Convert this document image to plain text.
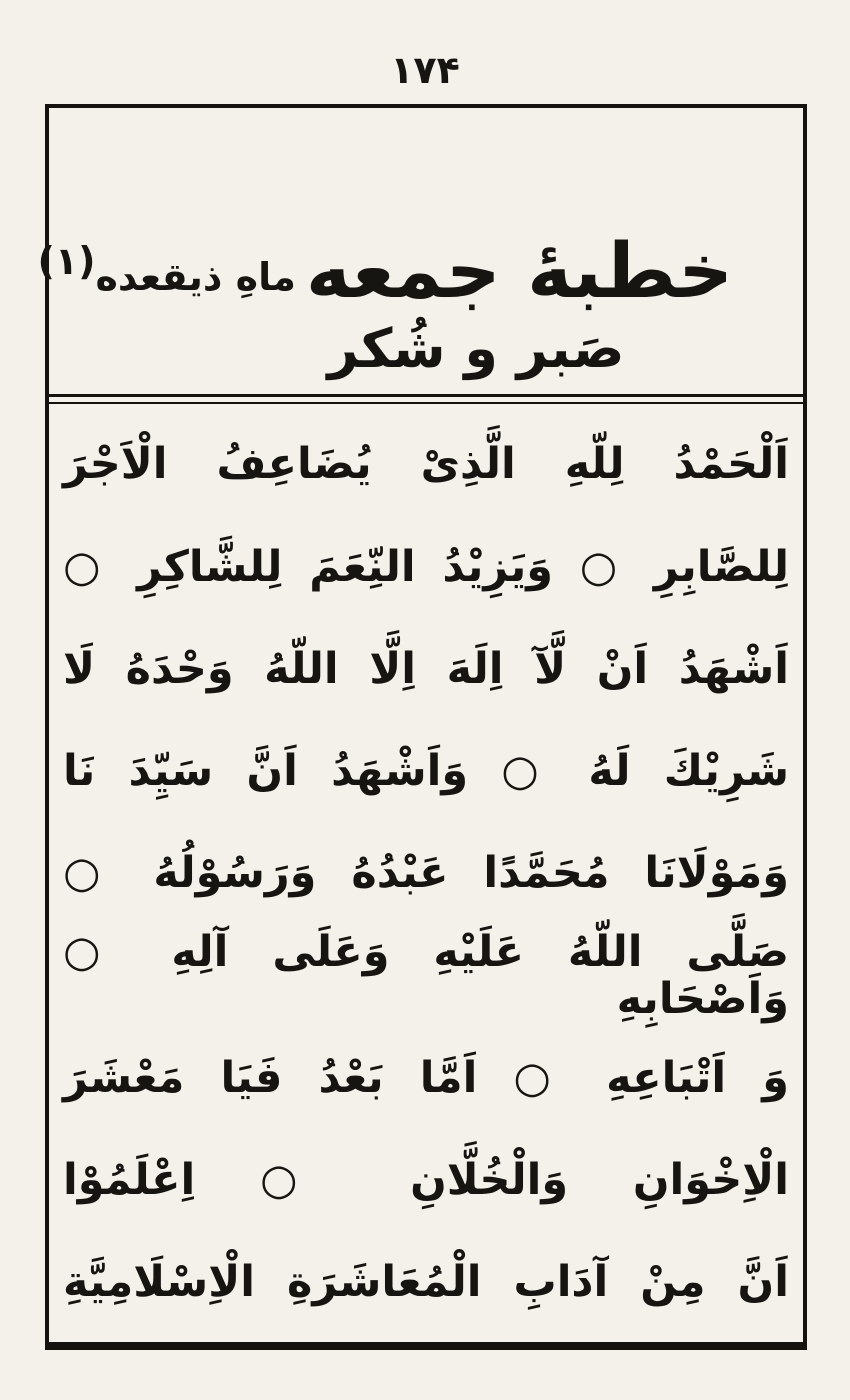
۱۷۴
خطبهٔ جمعه
ماهِ ذیقعده
(۱)
صَبر و شُكر
اَلْحَمْدُ لِلّهِ الَّذِیْ یُضَاعِفُ الْاَجْرَ
لِلصَّابِرِ ○ وَیَزِیْدُ النِّعَمَ لِلشَّاكِرِ ○
اَشْهَدُ اَنْ لَّآ اِلَهَ اِلَّا اللّهُ وَحْدَهُ لَا
شَرِیْكَ لَهُ ○ وَاَشْهَدُ اَنَّ سَیِّدَ نَا
وَمَوْلَانَا مُحَمَّدًا عَبْدُهُ وَرَسُوْلُهُ ○
صَلَّی اللّهُ عَلَیْهِ وَعَلَی آلِهِ ○ وَاَصْحَابِهِ
وَ اَتْبَاعِهِ ○ اَمَّا بَعْدُ فَیَا مَعْشَرَ
الْاِخْوَانِ وَالْخُلَّانِ ○ اِعْلَمُوْا
اَنَّ مِنْ آدَابِ الْمُعَاشَرَةِ الْاِسْلَامِیَّةِ
